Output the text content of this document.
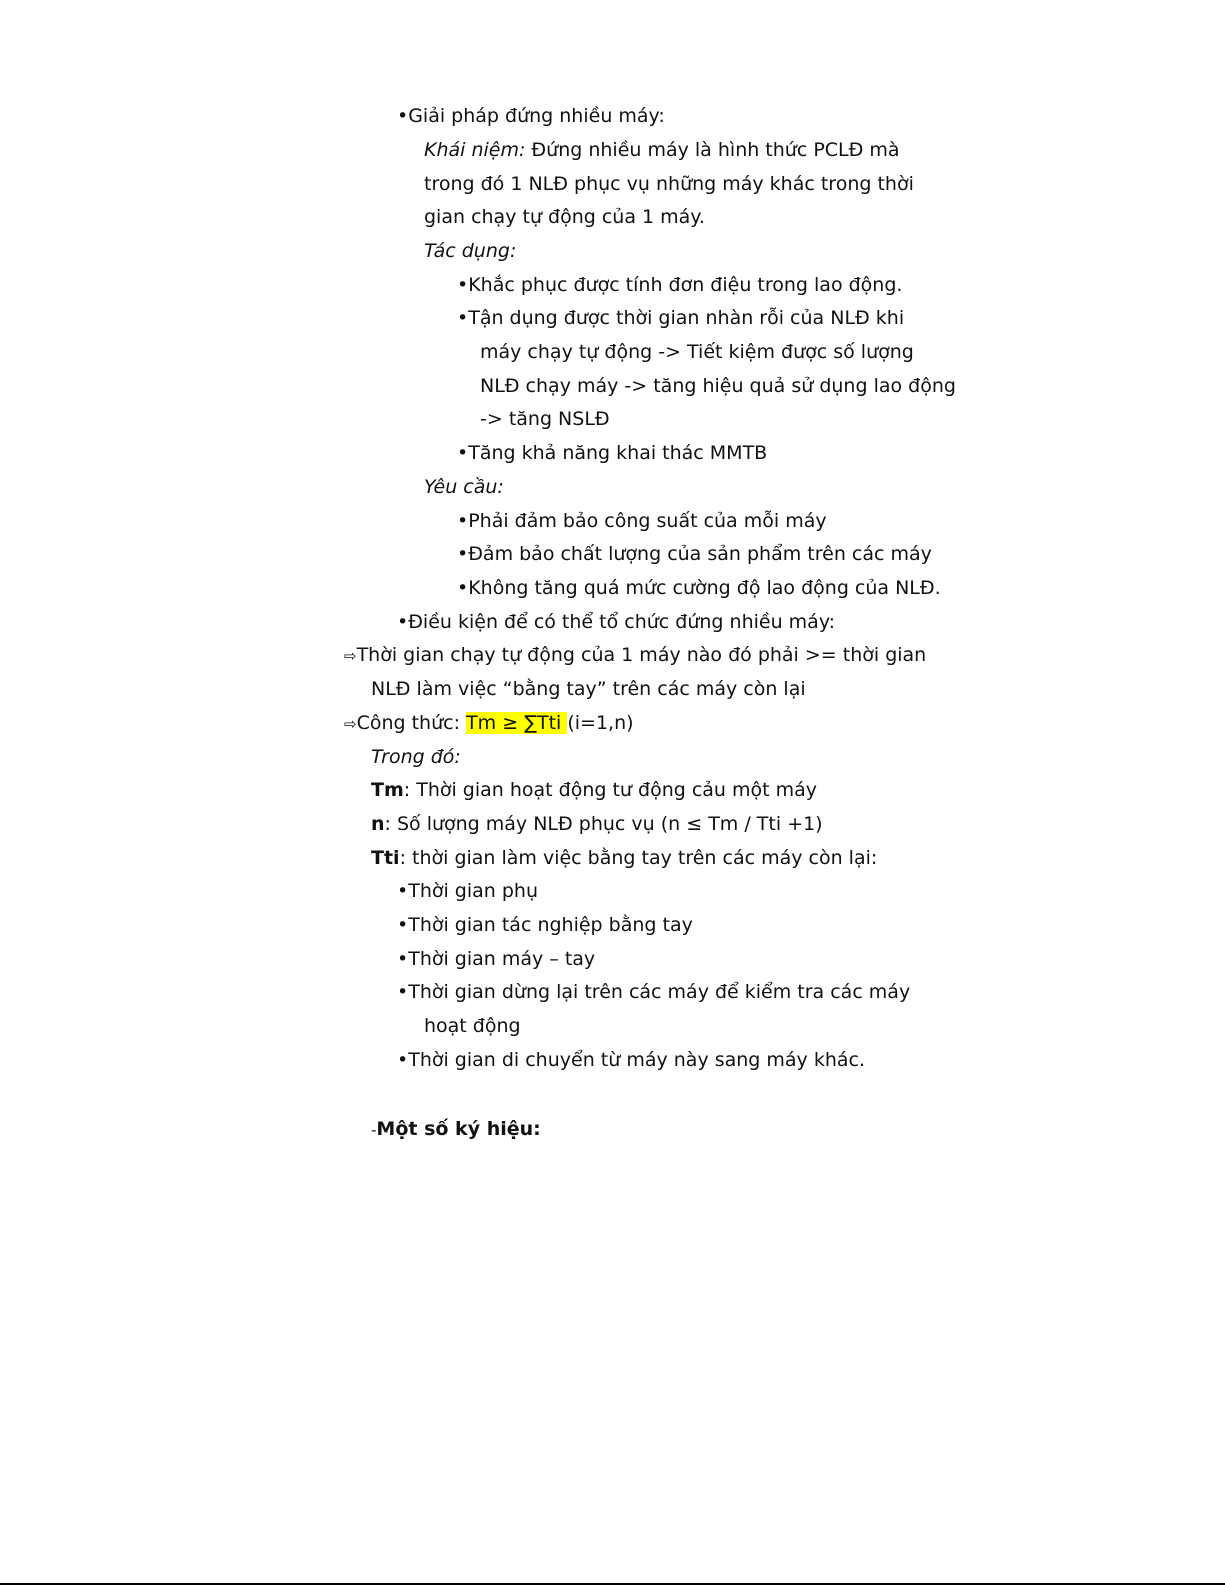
•Giải pháp đứng nhiều máy:
Khái niệm: Đứng nhiều máy là hình thức PCLĐ mà
trong đó 1 NLĐ phục vụ những máy khác trong thời
gian chạy tự động của 1 máy.
Tác dụng:
•Khắc phục được tính đơn điệu trong lao động.
•Tận dụng được thời gian nhàn rỗi của NLĐ khi
máy chạy tự động -> Tiết kiệm được số lượng
NLĐ chạy máy -> tăng hiệu quả sử dụng lao động
-> tăng NSLĐ
•Tăng khả năng khai thác MMTB
Yêu cầu:
•Phải đảm bảo công suất của mỗi máy
•Đảm bảo chất lượng của sản phẩm trên các máy
•Không tăng quá mức cường độ lao động của NLĐ.
•Điều kiện để có thể tổ chức đứng nhiều máy:
⇨Thời gian chạy tự động của 1 máy nào đó phải >= thời gian
NLĐ làm việc “bằng tay” trên các máy còn lại
⇨Công thức: Tm ≥ ∑Tti (i=1,n)
Trong đó:
Tm: Thời gian hoạt động tư động cảu một máy
n: Số lượng máy NLĐ phục vụ (n ≤ Tm / Tti +1)
Tti: thời gian làm việc bằng tay trên các máy còn lại:
•Thời gian phụ
•Thời gian tác nghiệp bằng tay
•Thời gian máy – tay
•Thời gian dừng lại trên các máy để kiểm tra các máy
hoạt động
•Thời gian di chuyển từ máy này sang máy khác.
-Một số ký hiệu:
